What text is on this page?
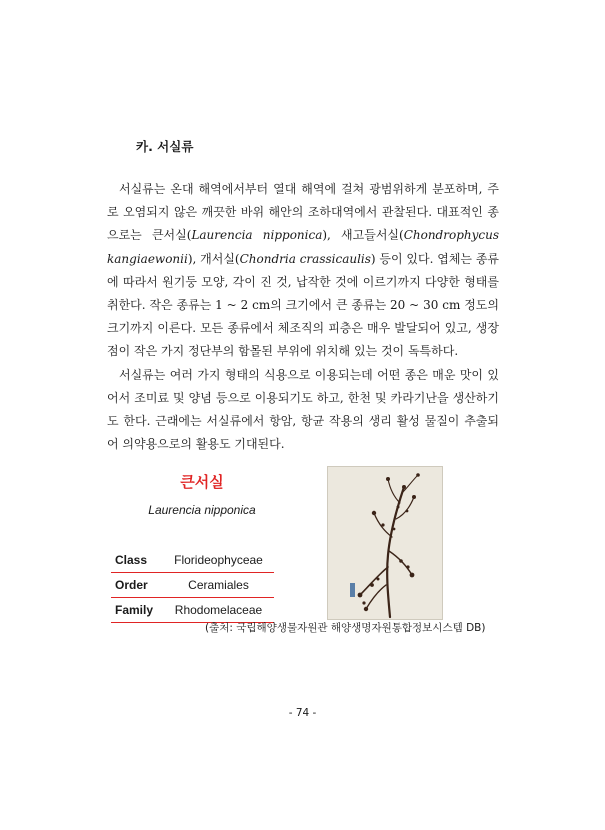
카. 서실류

서실류는 온대 해역에서부터 열대 해역에 걸쳐 광범위하게 분포하며, 주로 오염되지 않은 깨끗한 바위 해안의 조하대역에서 관찰된다. 대표적인 종으로는 큰서실(Laurencia nipponica), 새고들서실(Chondrophycus kangiaewonii), 개서실(Chondria crassicaulis) 등이 있다. 엽체는 종류에 따라서 원기둥 모양, 각이 진 것, 납작한 것에 이르기까지 다양한 형태를 취한다. 작은 종류는 1 ~ 2 cm의 크기에서 큰 종류는 20 ~ 30 cm 정도의 크기까지 이른다. 모든 종류에서 체조직의 피층은 매우 발달되어 있고, 생장점이 작은 가지 정단부의 함몰된 부위에 위치해 있는 것이 독특하다.

서실류는 여러 가지 형태의 식용으로 이용되는데 어떤 종은 매운 맛이 있어서 조미료 및 양념 등으로 이용되기도 하고, 한천 및 카라기난을 생산하기도 한다. 근래에는 서실류에서 항암, 항균 작용의 생리 활성 물질이 추출되어 의약용으로의 활용도 기대된다.

큰서실

Laurencia nipponica

Class	Florideophyceae
Order	Ceramiales
Family	Rhodomelaceae

(출처: 국립해양생물자원관 해양생명자원통합정보시스템 DB)

- 74 -
